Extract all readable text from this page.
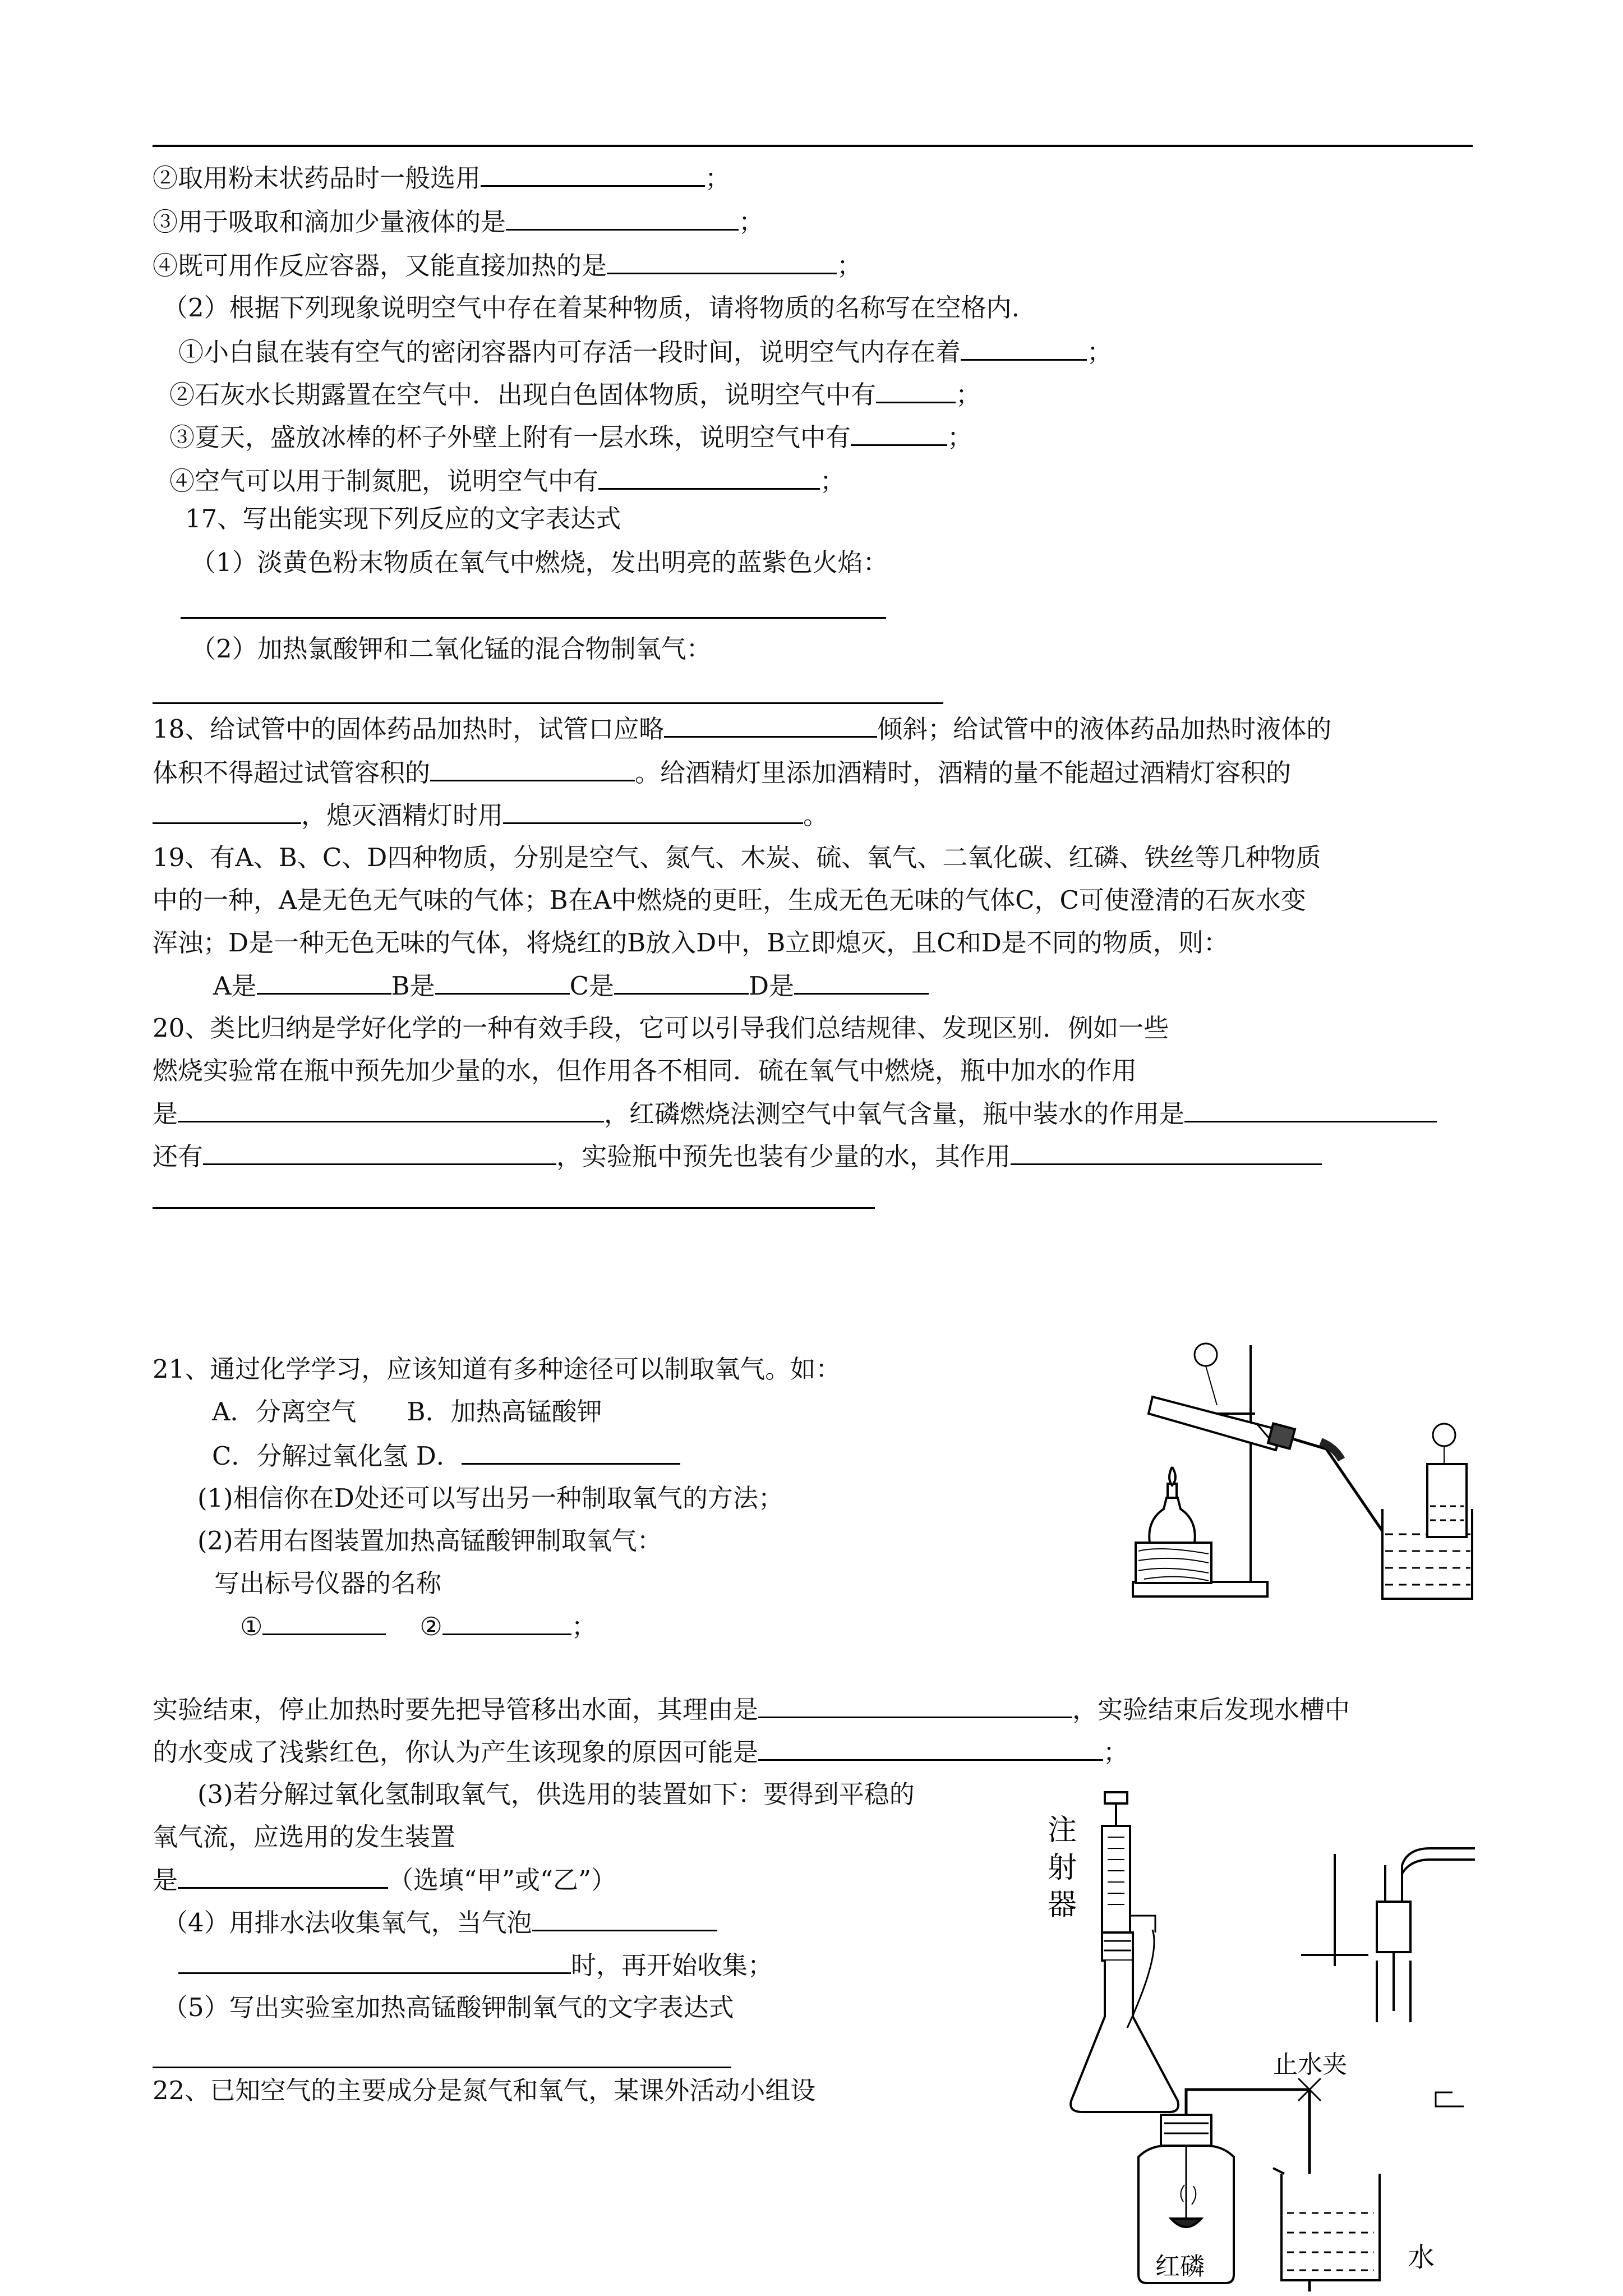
②取用粉末状药品时一般选用	；
③用于吸取和滴加少量液体的是	；
④既可用作反应容器，又能直接加热的是	；
（2）根据下列现象说明空气中存在着某种物质，请将物质的名称写在空格内.
①小白鼠在装有空气的密闭容器内可存活一段时间，说明空气内存在着	；
②石灰水长期露置在空气中．出现白色固体物质，说明空气中有	；
③夏天，盛放冰棒的杯子外壁上附有一层水珠，说明空气中有	；
④空气可以用于制氮肥，说明空气中有	；
17、写出能实现下列反应的文字表达式
（1）淡黄色粉末物质在氧气中燃烧，发出明亮的蓝紫色火焰：
（2）加热氯酸钾和二氧化锰的混合物制氧气：
18、给试管中的固体药品加热时，试管口应略	倾斜；给试管中的液体药品加热时液体的
体积不得超过试管容积的	。给酒精灯里添加酒精时，酒精的量不能超过酒精灯容积的
，熄灭酒精灯时用	。
19、有A、B、C、D四种物质，分别是空气、氮气、木炭、硫、氧气、二氧化碳、红磷、铁丝等几种物质
中的一种，A是无色无气味的气体；B在A中燃烧的更旺，生成无色无味的气体C，C可使澄清的石灰水变
浑浊；D是一种无色无味的气体，将烧红的B放入D中，B立即熄灭，且C和D是不同的物质，则：
A是	B是	C是	D是
20、类比归纳是学好化学的一种有效手段，它可以引导我们总结规律、发现区别．例如一些
燃烧实验常在瓶中预先加少量的水，但作用各不相同．硫在氧气中燃烧，瓶中加水的作用
是	，红磷燃烧法测空气中氧气含量，瓶中装水的作用是
还有	，实验瓶中预先也装有少量的水，其作用
21、通过化学学习，应该知道有多种途径可以制取氧气。如：
A．分离空气　　B．加热高锰酸钾
C．分解过氧化氢 D．
(1)相信你在D处还可以写出另一种制取氧气的方法；
(2)若用右图装置加热高锰酸钾制取氧气：
写出标号仪器的名称
①	②	；
实验结束，停止加热时要先把导管移出水面，其理由是	，实验结束后发现水槽中
的水变成了浅紫红色，你认为产生该现象的原因可能是	；
(3)若分解过氧化氢制取氧气，供选用的装置如下：要得到平稳的
氧气流，应选用的发生装置
是	（选填“甲”或“乙”）
（4）用排水法收集氧气，当气泡
时，再开始收集；
（5）写出实验室加热高锰酸钾制氧气的文字表达式
22、已知空气的主要成分是氮气和氧气，某课外活动小组设
注
射
器
止水夹
红磷	水
